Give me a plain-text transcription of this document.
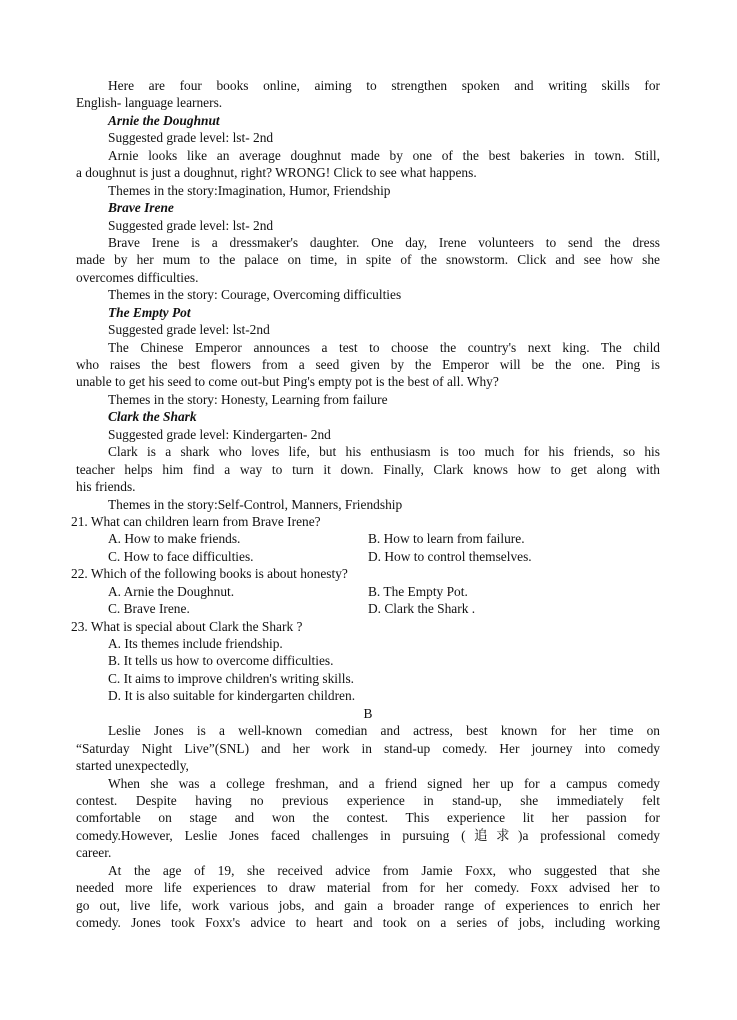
Here are four books online, aiming to strengthen spoken and writing skills for
English- language learners.
Arnie the Doughnut
Suggested grade level: lst- 2nd
Arnie looks like an average doughnut made by one of the best bakeries in town. Still,
a doughnut is just a doughnut, right? WRONG! Click to see what happens.
Themes in the story:Imagination, Humor, Friendship
Brave Irene
Suggested grade level: lst- 2nd
Brave Irene is a dressmaker's daughter. One day, Irene volunteers to send the dress
made by her mum to the palace on time, in spite of the snowstorm. Click and see how she
overcomes difficulties.
Themes in the story: Courage, Overcoming difficulties
The Empty Pot
Suggested grade level: lst-2nd
The Chinese Emperor announces a test to choose the country's next king. The child
who raises the best flowers from a seed given by the Emperor will be the one. Ping is
unable to get his seed to come out-but Ping's empty pot is the best of all. Why?
Themes in the story: Honesty, Learning from failure
Clark the Shark
Suggested grade level: Kindergarten- 2nd
Clark is a shark who loves life, but his enthusiasm is too much for his friends, so his
teacher helps him find a way to turn it down. Finally, Clark knows how to get along with
his friends.
Themes in the story:Self-Control, Manners, Friendship
21. What can children learn from Brave Irene?
A. How to make friends.	B. How to learn from failure.
C. How to face difficulties.	D. How to control themselves.
22. Which of the following books is about honesty?
A. Arnie the Doughnut.	B. The Empty Pot.
C. Brave Irene.	D. Clark the Shark .
23. What is special about Clark the Shark ?
A. Its themes include friendship.
B. It tells us how to overcome difficulties.
C. It aims to improve children's writing skills.
D. It is also suitable for kindergarten children.
B
Leslie Jones is a well-known comedian and actress, best known for her time on
“Saturday Night Live”(SNL) and her work in stand-up comedy. Her journey into comedy
started unexpectedly,
When she was a college freshman, and a friend signed her up for a campus comedy
contest. Despite having no previous experience in stand-up, she immediately felt
comfortable on stage and won the contest. This experience lit her passion for
comedy.However, Leslie Jones faced challenges in pursuing (追求)a professional comedy
career.
At the age of 19, she received advice from Jamie Foxx, who suggested that she
needed more life experiences to draw material from for her comedy. Foxx advised her to
go out, live life, work various jobs, and gain a broader range of experiences to enrich her
comedy. Jones took Foxx's advice to heart and took on a series of jobs, including working
